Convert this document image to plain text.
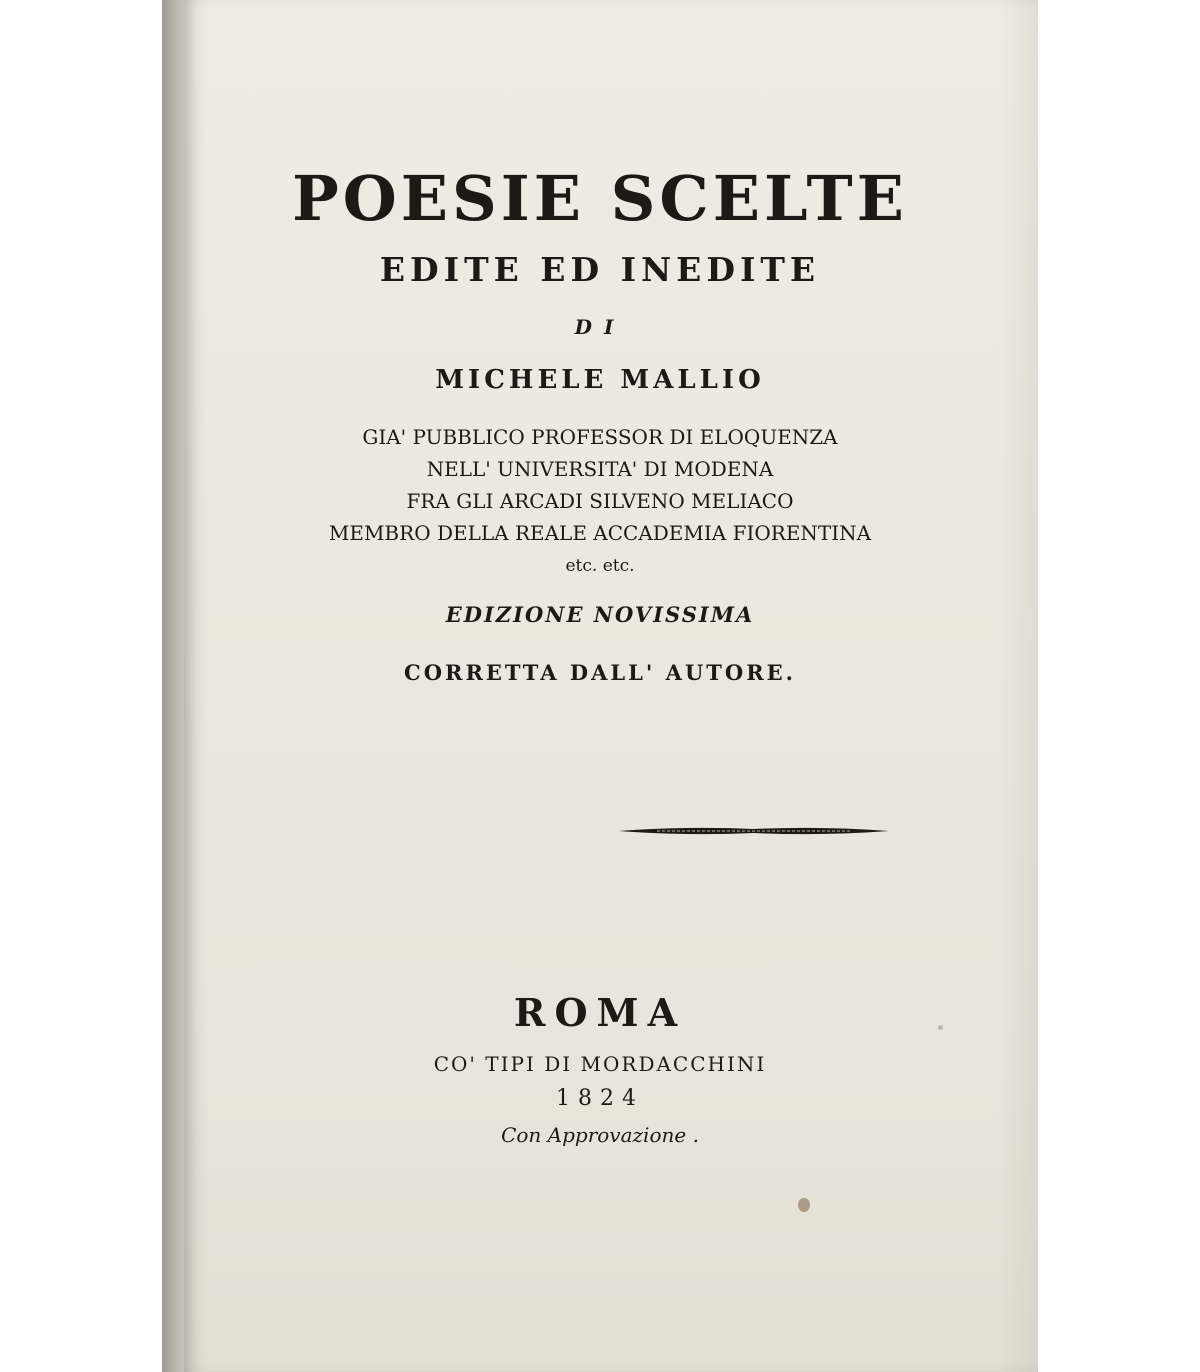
POESIE SCELTE
EDITE ED INEDITE
DI
MICHELE MALLIO
GIA' PUBBLICO PROFESSOR DI ELOQUENZA
NELL' UNIVERSITA' DI MODENA
FRA GLI ARCADI SILVENO MELIACO
MEMBRO DELLA REALE ACCADEMIA FIORENTINA
etc. etc.
EDIZIONE NOVISSIMA
CORRETTA DALL' AUTORE.
ROMA
CO' TIPI DI MORDACCHINI
1824
Con Approvazione .
